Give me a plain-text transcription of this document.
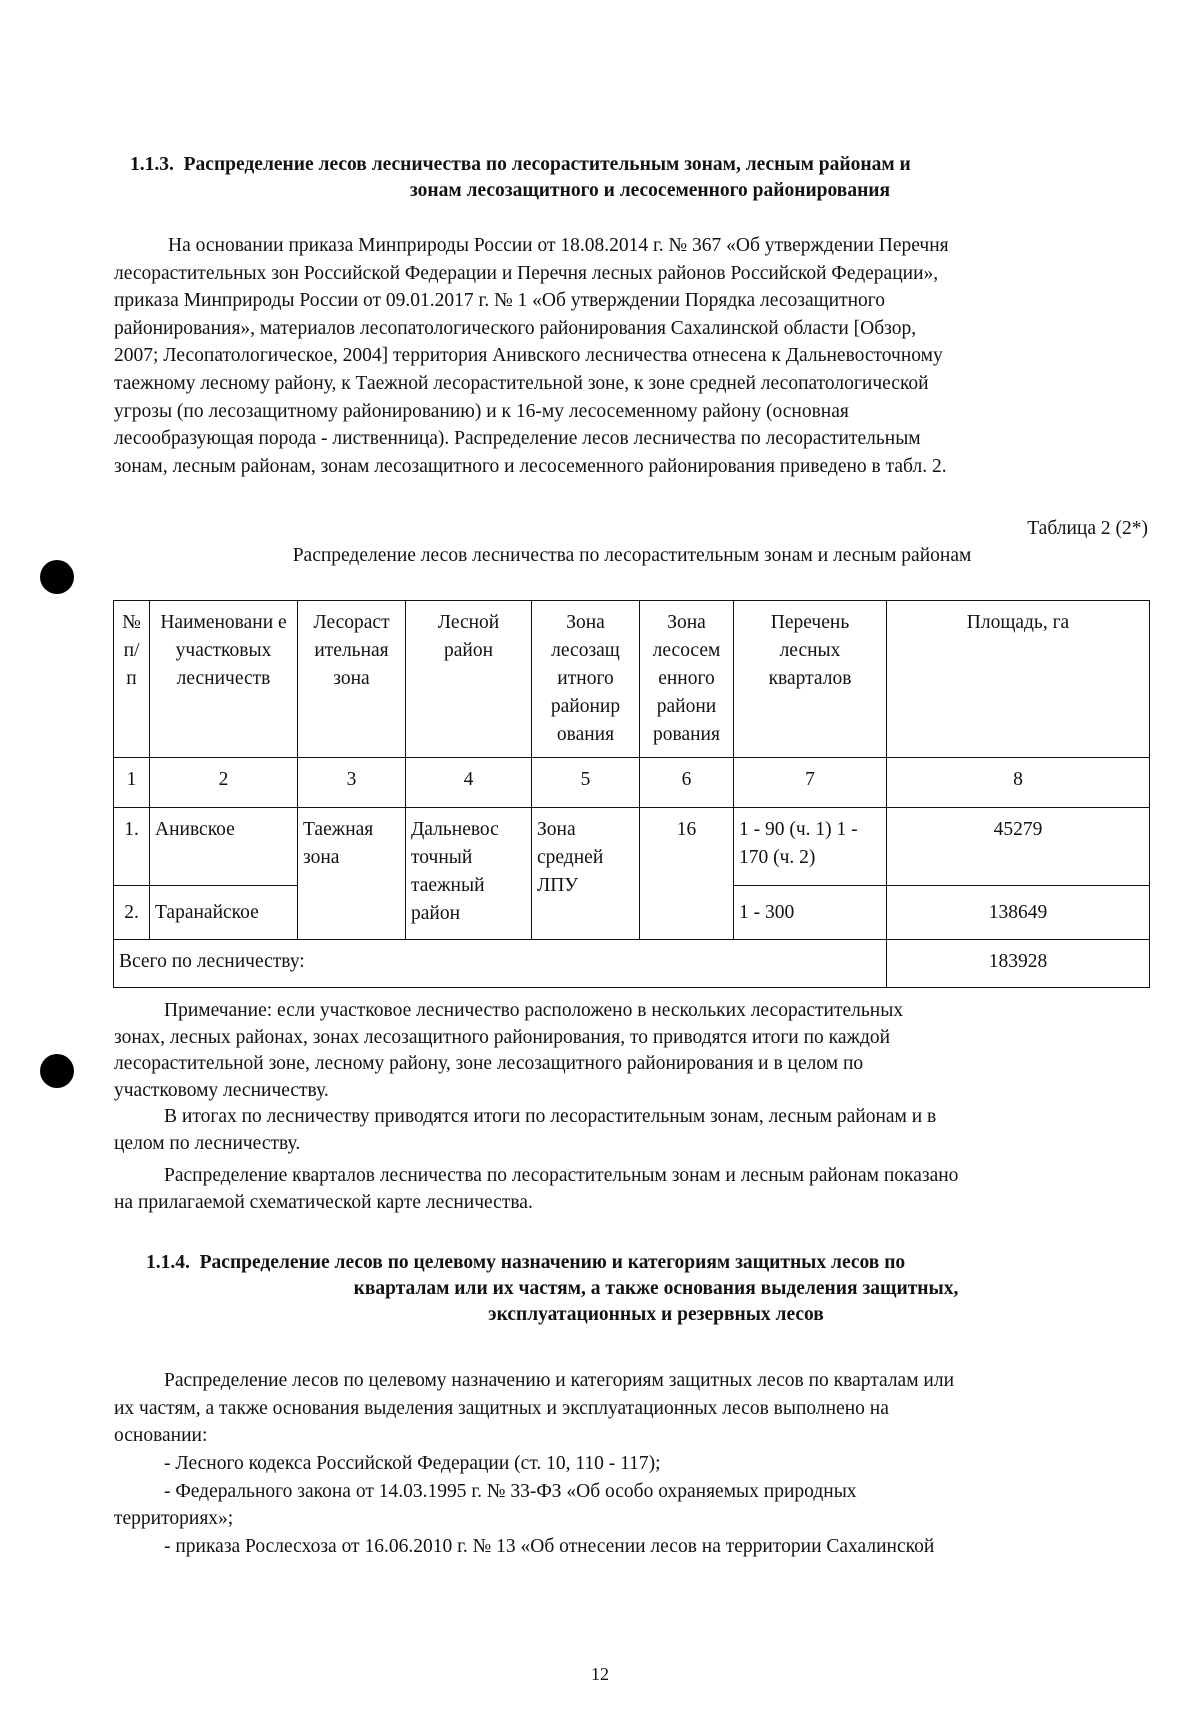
1.1.3. Распределение лесов лесничества по лесорастительным зонам, лесным районам и
зонам лесозащитного и лесосеменного районирования
На основании приказа Минприроды России от 18.08.2014 г. № 367 «Об утверждении Перечня
лесорастительных зон Российской Федерации и Перечня лесных районов Российской Федерации»,
приказа Минприроды России от 09.01.2017 г. № 1 «Об утверждении Порядка лесозащитного
районирования», материалов лесопатологического районирования Сахалинской области [Обзор,
2007; Лесопатологическое, 2004] территория Анивского лесничества отнесена к Дальневосточному
таежному лесному району, к Таежной лесорастительной зоне, к зоне средней лесопатологической
угрозы (по лесозащитному районированию) и к 16-му лесосеменному району (основная
лесообразующая порода - лиственница). Распределение лесов лесничества по лесорастительным
зонам, лесным районам, зонам лесозащитного и лесосеменного районирования приведено в табл. 2.
Таблица 2 (2*)
Распределение лесов лесничества по лесорастительным зонам и лесным районам
№ п/п	Наименовани е участковых лесничеств	Лесораст ительная зона	Лесной район	Зона лесозащ итного районир ования	Зона лесосем енного райони рования	Перечень лесных кварталов	Площадь, га
1	2	3	4	5	6	7	8
1.	Анивское	Таежная зона	Дальневос точный таежный район	Зона средней ЛПУ	16	1 - 90 (ч. 1) 1 - 170 (ч. 2)	45279
2.	Таранайское					1 - 300	138649
Всего по лесничеству:							183928
Примечание: если участковое лесничество расположено в нескольких лесорастительных
зонах, лесных районах, зонах лесозащитного районирования, то приводятся итоги по каждой
лесорастительной зоне, лесному району, зоне лесозащитного районирования и в целом по
участковому лесничеству.
В итогах по лесничеству приводятся итоги по лесорастительным зонам, лесным районам и в
целом по лесничеству.
Распределение кварталов лесничества по лесорастительным зонам и лесным районам показано
на прилагаемой схематической карте лесничества.
1.1.4. Распределение лесов по целевому назначению и категориям защитных лесов по
кварталам или их частям, а также основания выделения защитных,
эксплуатационных и резервных лесов
Распределение лесов по целевому назначению и категориям защитных лесов по кварталам или
их частям, а также основания выделения защитных и эксплуатационных лесов выполнено на
основании:
- Лесного кодекса Российской Федерации (ст. 10, 110 - 117);
- Федерального закона от 14.03.1995 г. № 33-ФЗ «Об особо охраняемых природных
территориях»;
- приказа Рослесхоза от 16.06.2010 г. № 13 «Об отнесении лесов на территории Сахалинской
12
